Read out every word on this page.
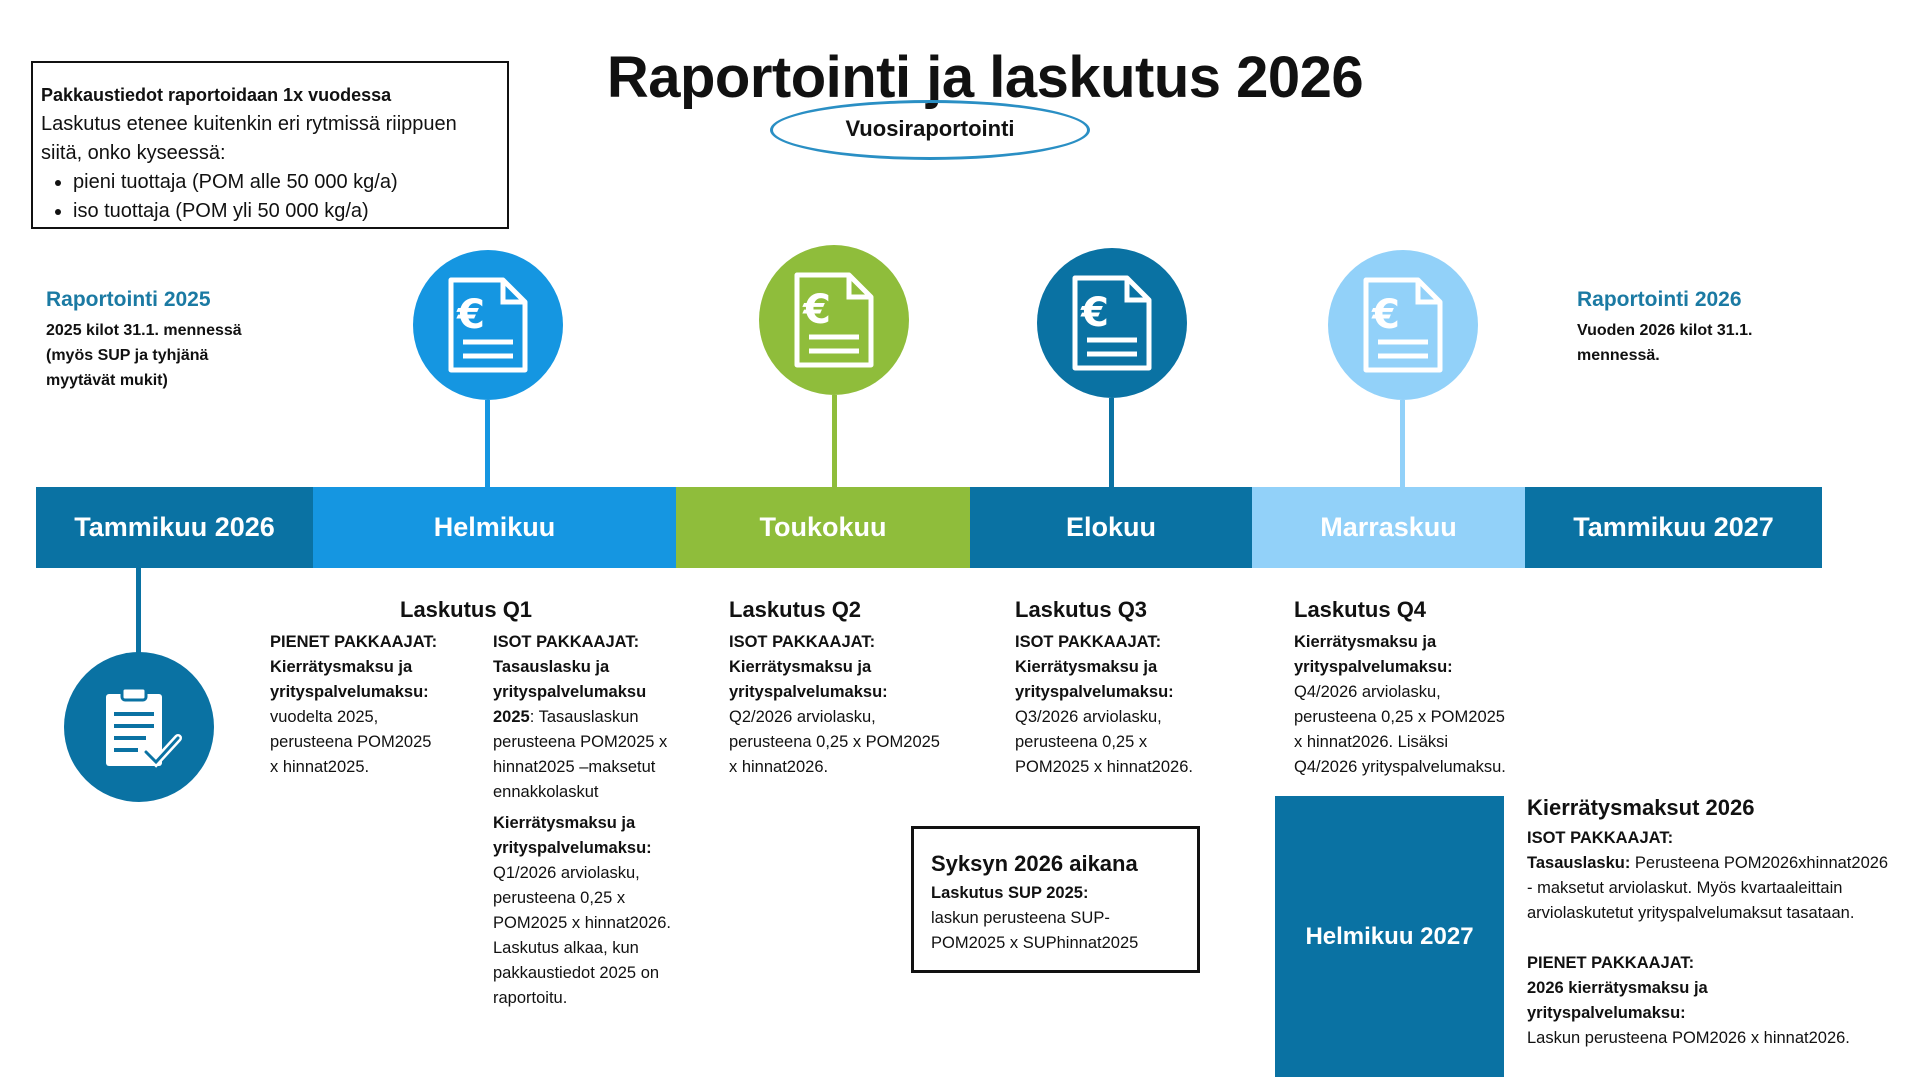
Raportointi ja laskutus 2026
Vuosiraportointi
Pakkaustiedot raportoidaan 1x vuodessa
Laskutus etenee kuitenkin eri rytmissä riippuen siitä, onko kyseessä:
• pieni tuottaja (POM alle 50 000 kg/a)
• iso tuottaja (POM yli 50 000 kg/a)
Raportointi 2025
2025 kilot 31.1. mennessä
(myös SUP ja tyhjänä
myytävät mukit)
Raportointi 2026
Vuoden 2026 kilot 31.1.
mennessä.
€	€	€	€
Tammikuu 2026	Helmikuu	Toukokuu	Elokuu	Marraskuu	Tammikuu 2027
Laskutus Q1
PIENET PAKKAAJAT:
Kierrätysmaksu ja
yrityspalvelumaksu:
vuodelta 2025,
perusteena POM2025
x hinnat2025.
ISOT PAKKAAJAT:
Tasauslasku ja
yrityspalvelumaksu
2025: Tasauslaskun
perusteena POM2025 x
hinnat2025 –maksetut
ennakkolaskut
Kierrätysmaksu ja
yrityspalvelumaksu:
Q1/2026 arviolasku,
perusteena 0,25 x
POM2025 x hinnat2026.
Laskutus alkaa, kun
pakkaustiedot 2025 on
raportoitu.
Laskutus Q2
ISOT PAKKAAJAT:
Kierrätysmaksu ja
yrityspalvelumaksu:
Q2/2026 arviolasku,
perusteena 0,25 x POM2025
x hinnat2026.
Laskutus Q3
ISOT PAKKAAJAT:
Kierrätysmaksu ja
yrityspalvelumaksu:
Q3/2026 arviolasku,
perusteena 0,25 x
POM2025 x hinnat2026.
Laskutus Q4
Kierrätysmaksu ja
yrityspalvelumaksu:
Q4/2026 arviolasku,
perusteena 0,25 x POM2025
x hinnat2026. Lisäksi
Q4/2026 yrityspalvelumaksu.
Syksyn 2026 aikana
Laskutus SUP 2025:
laskun perusteena SUP-
POM2025 x SUPhinnat2025	Helmikuu 2027
Kierrätysmaksut 2026
ISOT PAKKAAJAT:
Tasauslasku: Perusteena POM2026xhinnat2026
- maksetut arviolaskut. Myös kvartaaleittain
arviolaskutetut yrityspalvelumaksut tasataan.
PIENET PAKKAAJAT:
2026 kierrätysmaksu ja
yrityspalvelumaksu:
Laskun perusteena POM2026 x hinnat2026.
